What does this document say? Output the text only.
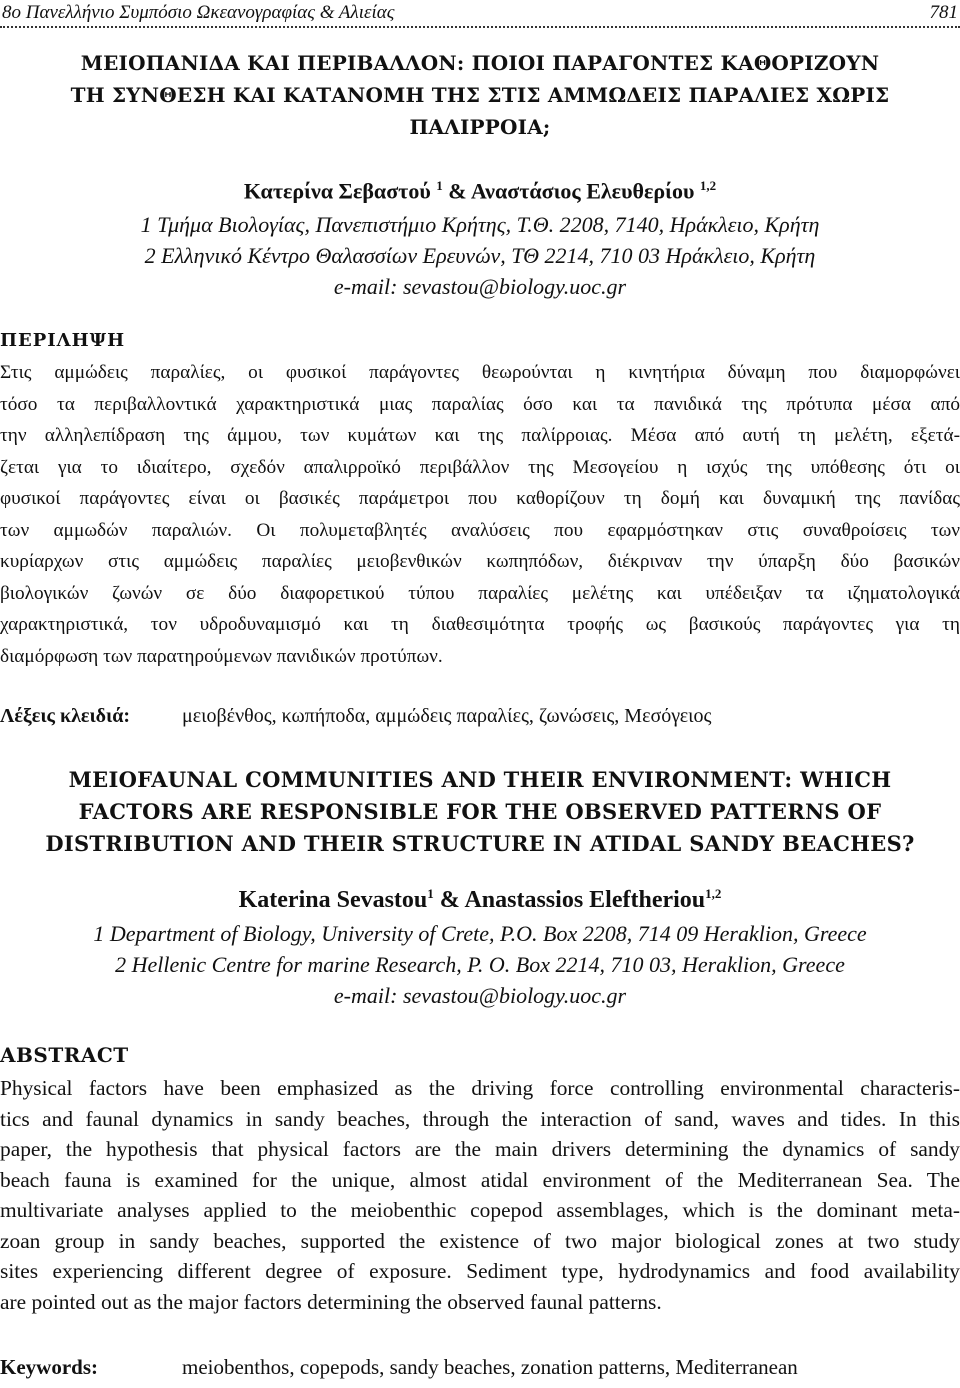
8ο Πανελλήνιο Συμπόσιο Ωκεανογραφίας & Αλιείας	781
ΜΕΙΟΠΑΝΙΔΑ ΚΑΙ ΠΕΡΙΒΑΛΛΟΝ: ΠΟΙΟΙ ΠΑΡΑΓΟΝΤΕΣ ΚΑΘΟΡΙΖΟΥΝ
ΤΗ ΣΥΝΘΕΣΗ ΚΑΙ ΚΑΤΑΝΟΜΗ ΤΗΣ ΣΤΙΣ ΑΜΜΩΔΕΙΣ ΠΑΡΑΛΙΕΣ ΧΩΡΙΣ
ΠΑΛΙΡΡΟΙΑ;
Κατερίνα Σεβαστού $^1$ & Αναστάσιος Ελευθερίου $^{1,2}$
1 Τμήμα Βιολογίας, Πανεπιστήμιο Κρήτης, Τ.Θ. 2208, 7140, Ηράκλειο, Κρήτη
2 Ελληνικό Κέντρο Θαλασσίων Ερευνών, ΤΘ 2214, 710 03 Ηράκλειο, Κρήτη
e-mail: sevastou@biology.uoc.gr
ΠΕΡΙΛΗΨΗ
Στις αμμώδεις παραλίες, οι φυσικοί παράγοντες θεωρούνται η κινητήρια δύναμη που διαμορφώνει
τόσο τα περιβαλλοντικά χαρακτηριστικά μιας παραλίας όσο και τα πανιδικά της πρότυπα μέσα από
την αλληλεπίδραση της άμμου, των κυμάτων και της παλίρροιας. Μέσα από αυτή τη μελέτη, εξετά-
ζεται για το ιδιαίτερο, σχεδόν απαλιρροϊκό περιβάλλον της Μεσογείου η ισχύς της υπόθεσης ότι οι
φυσικοί παράγοντες είναι οι βασικές παράμετροι που καθορίζουν τη δομή και δυναμική της πανίδας
των αμμωδών παραλιών. Οι πολυμεταβλητές αναλύσεις που εφαρμόστηκαν στις συναθροίσεις των
κυρίαρχων στις αμμώδεις παραλίες μειοβενθικών κωπηπόδων, διέκριναν την ύπαρξη δύο βασικών
βιολογικών ζωνών σε δύο διαφορετικού τύπου παραλίες μελέτης και υπέδειξαν τα ιζηματολογικά
χαρακτηριστικά, τον υδροδυναμισμό και τη διαθεσιμότητα τροφής ως βασικούς παράγοντες για τη
διαμόρφωση των παρατηρούμενων πανιδικών προτύπων.
Λέξεις κλειδιά:	μειοβένθος, κωπήποδα, αμμώδεις παραλίες, ζωνώσεις, Μεσόγειος
MEIOFAUNAL COMMUNITIES AND THEIR ENVIRONMENT: WHICH
FACTORS ARE RESPONSIBLE FOR THE OBSERVED PATTERNS OF
DISTRIBUTION AND THEIR STRUCTURE IN ATIDAL SANDY BEACHES?
Katerina Sevastou$^1$ & Anastassios Eleftheriou$^{1,2}$
1 Department of Biology, University of Crete, P.O. Box 2208, 714 09 Heraklion, Greece
2 Hellenic Centre for marine Research, P. O. Box 2214, 710 03, Heraklion, Greece
e-mail: sevastou@biology.uoc.gr
ABSTRACT
Physical factors have been emphasized as the driving force controlling environmental characteris-
tics and faunal dynamics in sandy beaches, through the interaction of sand, waves and tides. In this
paper, the hypothesis that physical factors are the main drivers determining the dynamics of sandy
beach fauna is examined for the unique, almost atidal environment of the Mediterranean Sea. The
multivariate analyses applied to the meiobenthic copepod assemblages, which is the dominant meta-
zoan group in sandy beaches, supported the existence of two major biological zones at two study
sites experiencing different degree of exposure. Sediment type, hydrodynamics and food availability
are pointed out as the major factors determining the observed faunal patterns.
Keywords:	meiobenthos, copepods, sandy beaches, zonation patterns, Mediterranean
